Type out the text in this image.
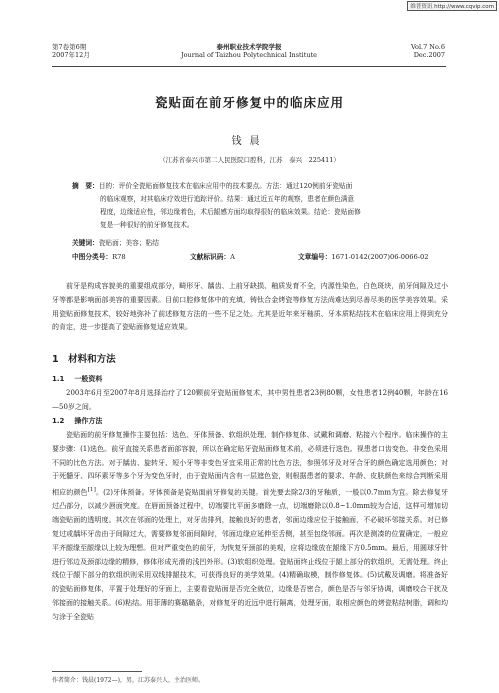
维普资讯 http://www.cqvip.com
第7卷第6期
2007年12月
泰州职业技术学院学报
Journal of Taizhou Polytechnical Institute
Vol.7 No.6
Dec.2007
瓷贴面在前牙修复中的临床应用
钱晨
（江苏省泰兴市第二人民医院口腔科，江苏　泰兴　225411）
摘　要：目的：评价全瓷贴面修复技术在临床应用中的技术要点。方法：通过120例前牙瓷贴面
的临床观察，对其临床疗效进行追踪评价。结果：通过近五年的观察，患者在颜色满意
程度，边缘适应性，邻边缘着色，术后龈感方面均取得很好的临床效果。结论：瓷贴面修
复是一种很好的前牙修复技术。
关键词：瓷贴面；美容；粘结
中图分类号：R78	文献标识码：A	文章编号：1671-0142(2007)06-0066-02

前牙是构成容貌美的重要组成部分，畸形牙、龋齿、上前牙缺损、釉质发育不全，内源性染色，白色斑块，前牙间隙及过小牙等都是影响面部美容的重要因素。目前口腔修复体中的充填，铸钛合金烤瓷等修复方法尚难达到尽善尽美的医学美容效果。采用瓷贴面修复技术，较好地弥补了前述修复方法的一些不足之处。尤其是近年来牙釉质、牙本质粘结技术在临床应用上得到充分的肯定，进一步提高了瓷贴面修复适应效果。

1　材料和方法
1.1 一般资料

2003年6月至2007年8月选择治疗了120颗前牙瓷贴面修复术，其中男性患者23例80颗，女性患者12例40颗，年龄在16—50岁之间。

1.2 操作方法

瓷贴面的前牙修复操作主要包括：选色、牙体预备、软组织处理、制作修复体、试戴和调磨、粘接六个程序。临床操作的主要步骤：(1)选色。前牙直接关系患者面部容貌，所以在确定贴牙瓷贴面修复术前，必须进行选色。视患者口齿变色、非变色采用不同的比色方法。对于龋齿、旋转牙、短小牙等非变色牙宜采用正常的比色方法，参照邻牙及对牙合牙的颜色确定选用颜色；对于死髓牙、四环素牙等多个牙为变色牙时，由于瓷贴面内含有一层遮色瓷，则根据患者的要求、年龄、皮肤颜色来综合判断采用相应的颜色[1]。(2)牙体预备。牙体预备是瓷贴面前牙修复的关键。首先要去除2/3的牙釉质，一般以0.7mm为宜。除去修复牙过凸部分，以减少唇面突度。在唇面预备过程中，切端要比平面多磨除一点，切端磨除以0.8~1.0mm较为合适，这样可增加切端瓷贴面的透明度。其次在邻面的处理上，对牙齿排列，接触良好的患者，邻面边缘应位于接触面，不必破坏邻接关系。对已修复过或龋坏牙齿由于间隙过大，需要修复邻面间隙时，邻面边缘应延伸至舌侧，甚至包绕邻面。再次是测凑的位置确定，一般应平齐龈缘至龈缘以上较为理想。但对严重变色的前牙，为恢复牙颈部的美观，应将边缘放在龈缘下方0.5mm。最后，用圆球牙针进行邻边及颈部边缘的精修，修体形成光滑的浅凹外形。(3)软组织处理。瓷贴面终止线位于龈上部分的软组织，无需处理。终止线位于龈下部分的软组织则采用双线排龈技术，可获得良好的美学效果。(4)精确取模，制作修复体。(5)试戴及调磨。将准备好的瓷贴面修复体，平置于处理好的牙面上，主要看瓷贴面是否完全就位，边缘是否密合，颜色是否与邻牙协调，调磨咬合干扰及邻接面的接触关系。(6)粘结。用菲薄的赛璐璐条，对修复牙的近远中进行隔离，处理牙面，取相应颜色的烤瓷粘结树脂，调和均匀涂于全瓷贴

作者简介：钱晨(1972—)，男，江苏泰兴人，主治医师。
